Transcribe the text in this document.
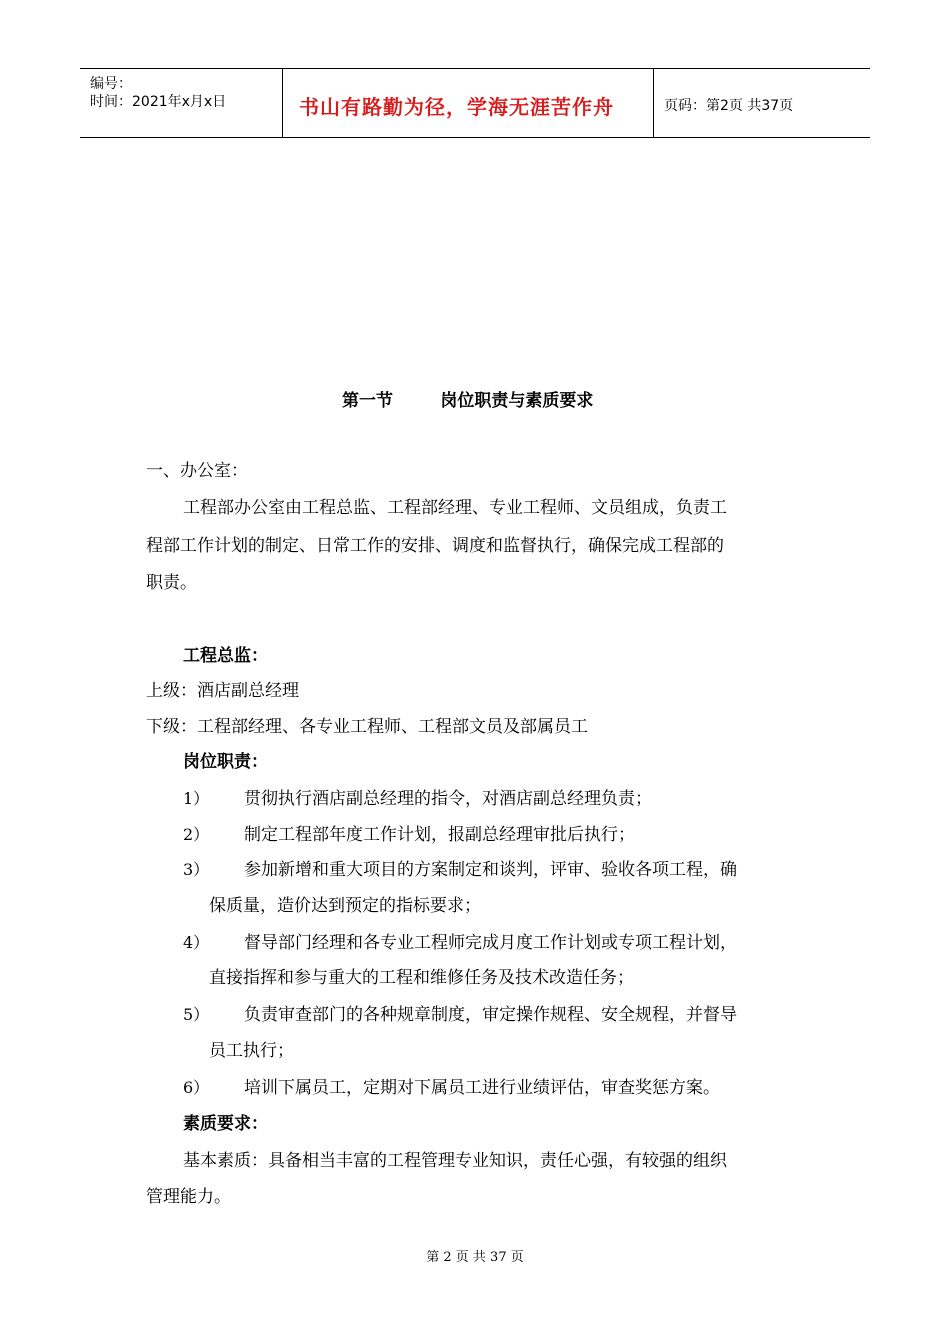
编号：
时间：2021年x月x日	书山有路勤为径，学海无涯苦作舟	页码：第2页 共37页
第一节        岗位职责与素质要求
一、办公室：
工程部办公室由工程总监、工程部经理、专业工程师、文员组成，负责工
程部工作计划的制定、日常工作的安排、调度和监督执行，确保完成工程部的
职责。
工程总监：
上级：酒店副总经理
下级：工程部经理、各专业工程师、工程部文员及部属员工
岗位职责：
1） 贯彻执行酒店副总经理的指令，对酒店副总经理负责；
2） 制定工程部年度工作计划，报副总经理审批后执行；
3） 参加新增和重大项目的方案制定和谈判，评审、验收各项工程，确
保质量，造价达到预定的指标要求；
4） 督导部门经理和各专业工程师完成月度工作计划或专项工程计划，
直接指挥和参与重大的工程和维修任务及技术改造任务；
5） 负责审查部门的各种规章制度，审定操作规程、安全规程，并督导
员工执行；
6） 培训下属员工，定期对下属员工进行业绩评估，审查奖惩方案。
素质要求：
基本素质：具备相当丰富的工程管理专业知识，责任心强，有较强的组织
管理能力。
第 2 页 共 37 页
